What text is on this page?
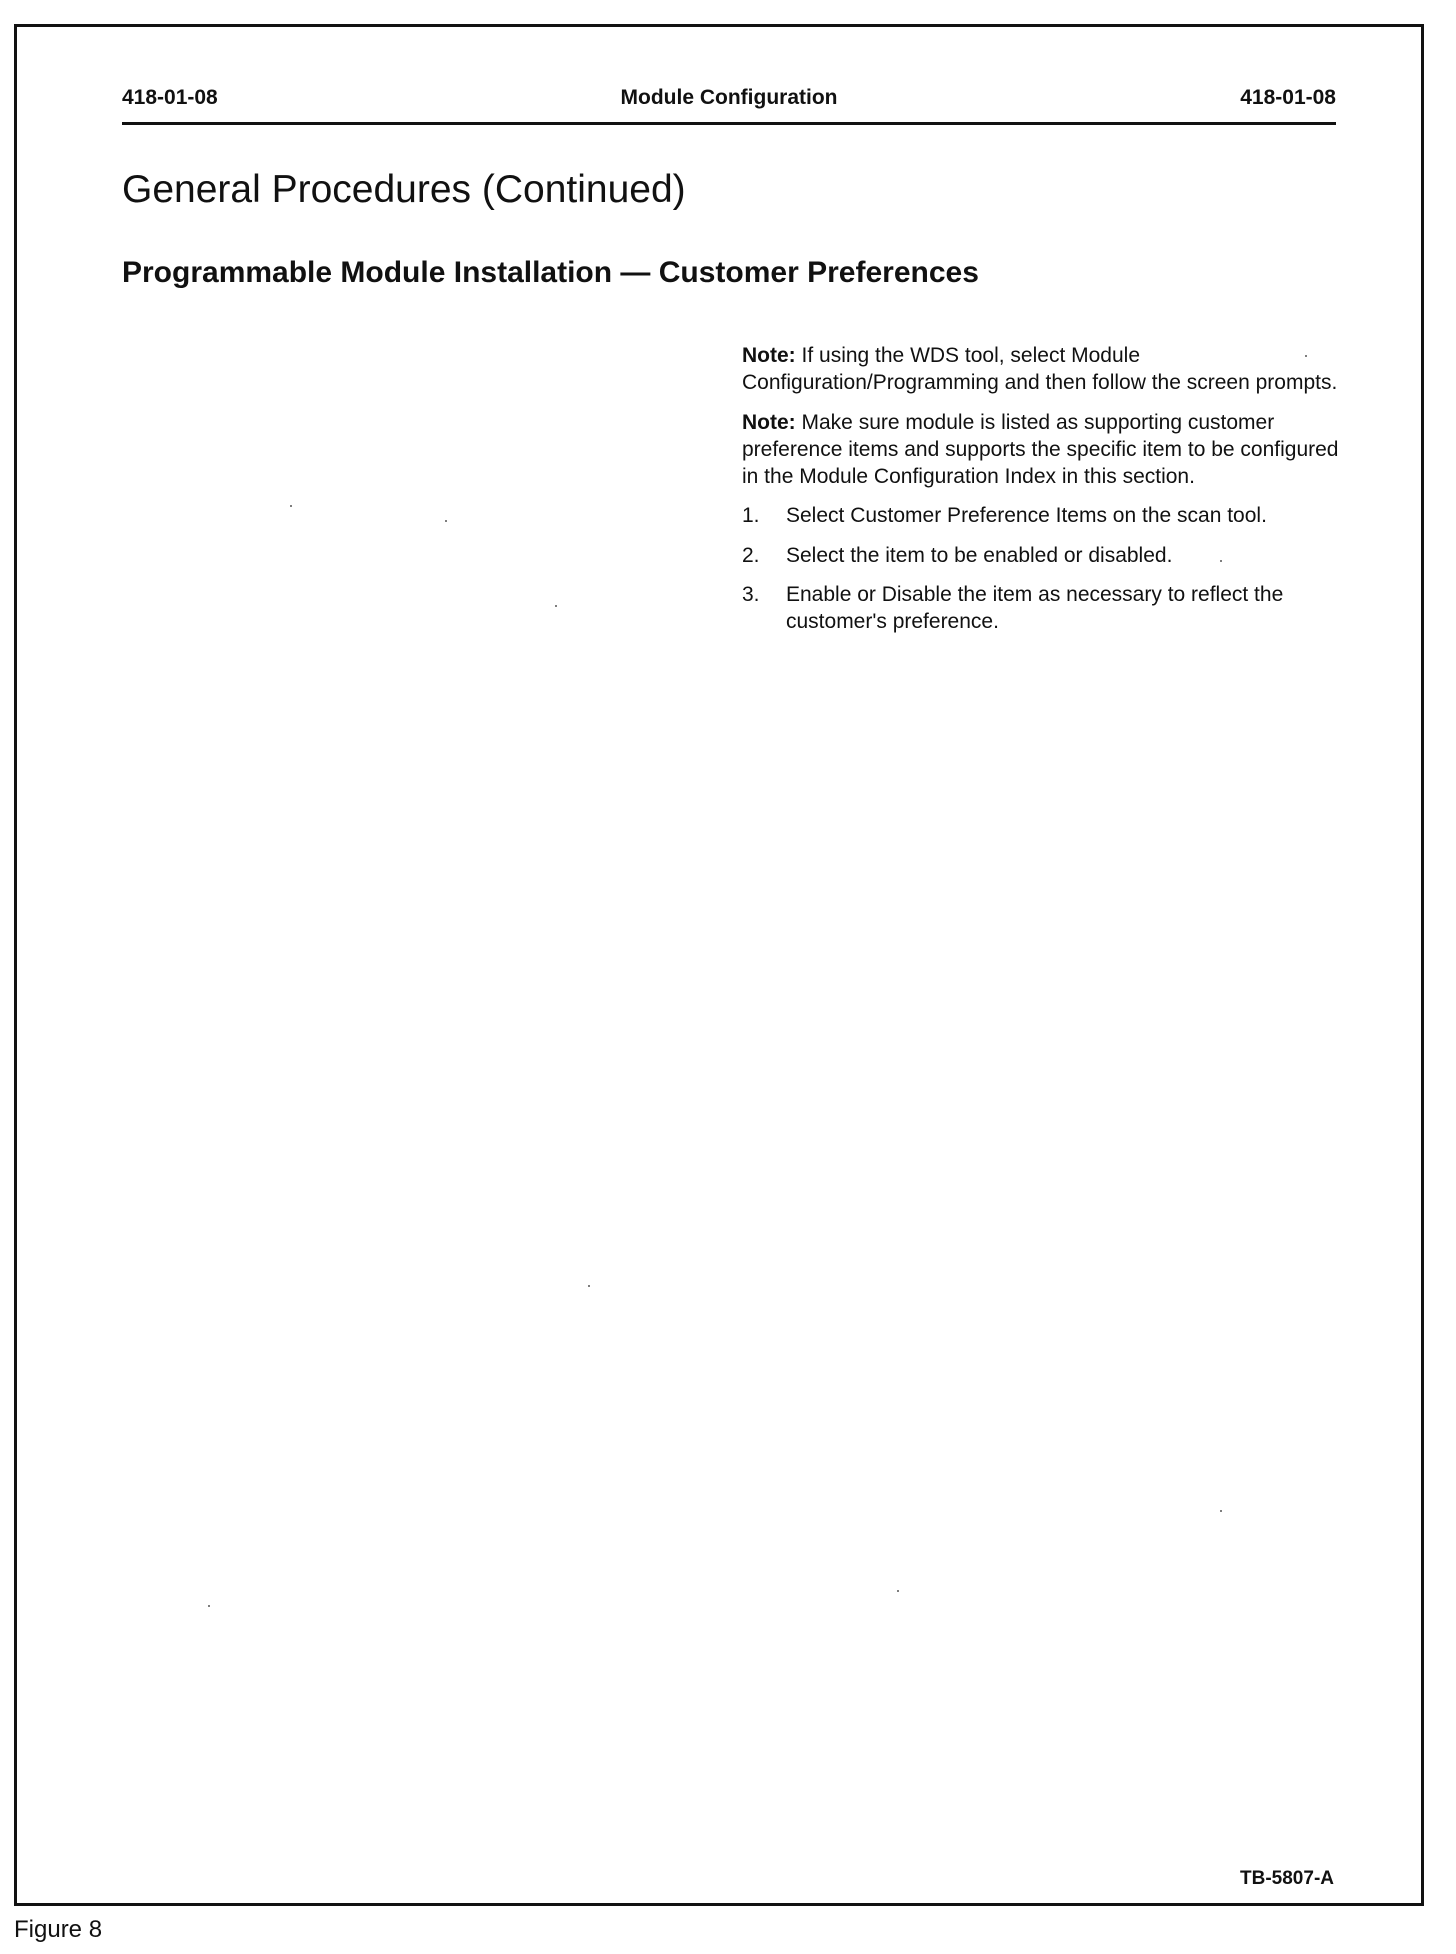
418-01-08	Module Configuration	418-01-08
General Procedures (Continued)
Programmable Module Installation — Customer Preferences

Note: If using the WDS tool, select Module Configuration/Programming and then follow the screen prompts.

Note: Make sure module is listed as supporting customer preference items and supports the specific item to be configured in the Module Configuration Index in this section.

1. Select Customer Preference Items on the scan tool.
2. Select the item to be enabled or disabled.
3. Enable or Disable the item as necessary to reflect the customer's preference.
TB-5807-A
Figure 8
